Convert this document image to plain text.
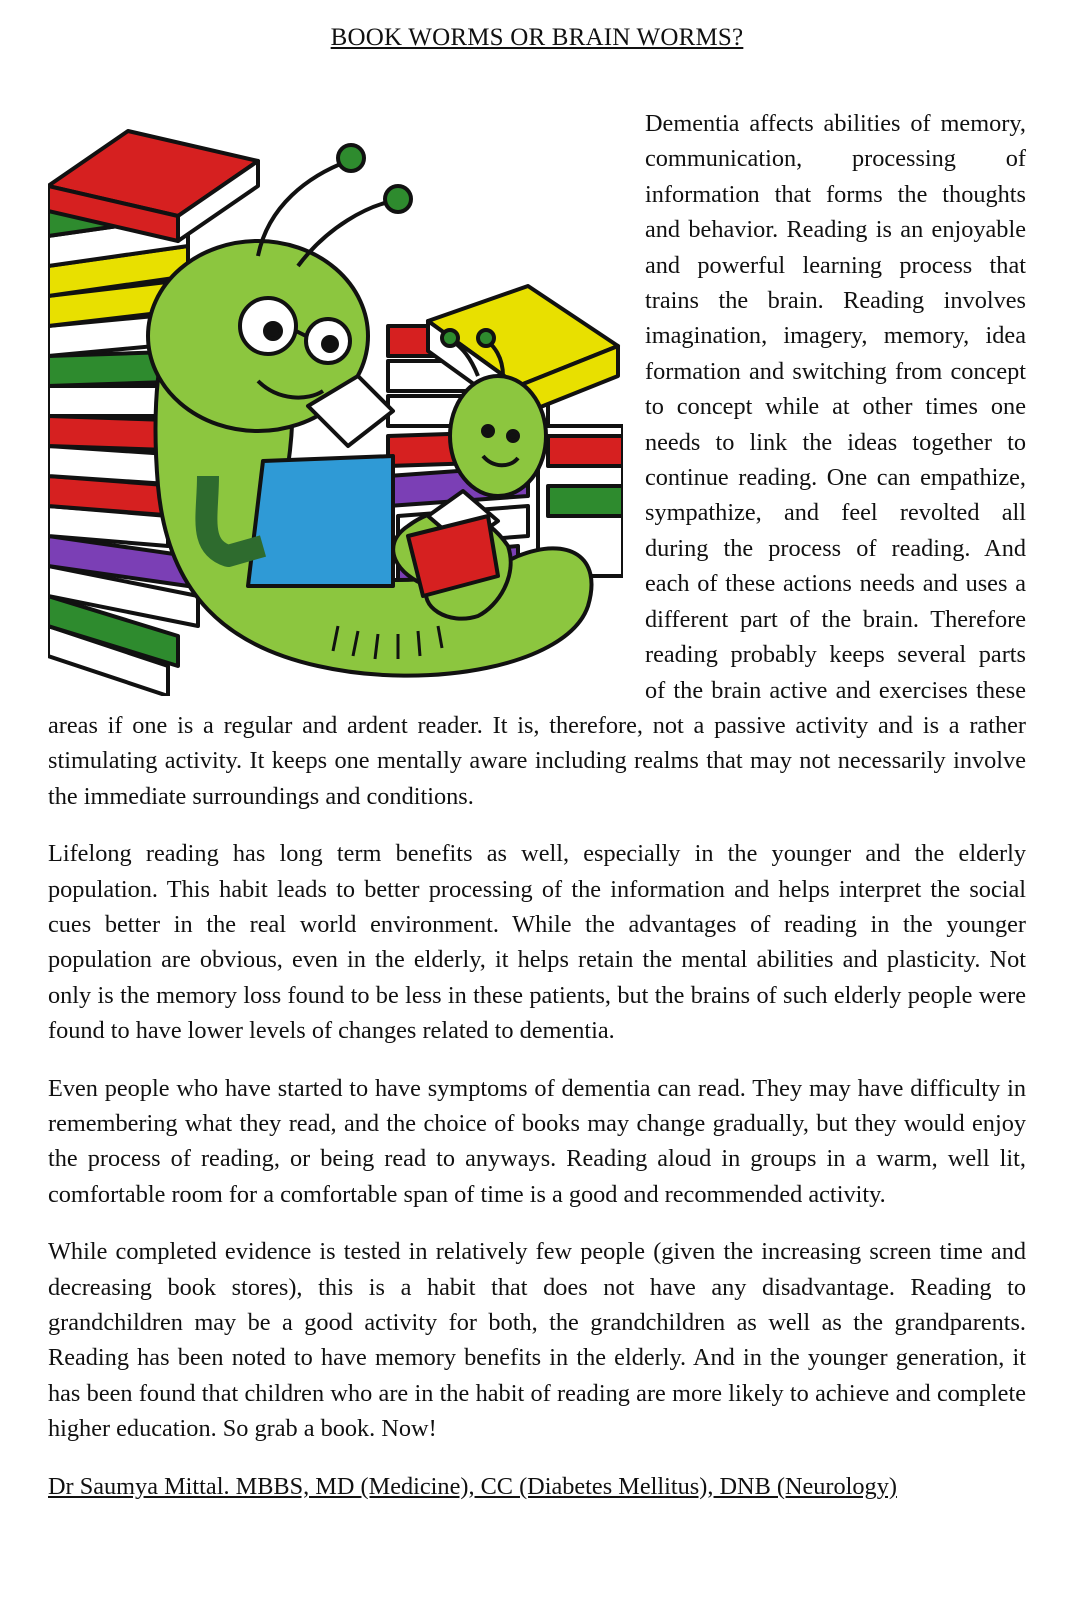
BOOK WORMS OR BRAIN WORMS?

Dementia affects abilities of memory, communication, processing of information that forms the thoughts and behavior. Reading is an enjoyable and powerful learning process that trains the brain. Reading involves imagination, imagery, memory, idea formation and switching from concept to concept while at other times one needs to link the ideas together to continue reading. One can empathize, sympathize, and feel revolted all during the process of reading. And each of these actions needs and uses a different part of the brain. Therefore reading probably keeps several parts of the brain active and exercises these areas if one is a regular and ardent reader. It is, therefore, not a passive activity and is a rather stimulating activity. It keeps one mentally aware including realms that may not necessarily involve the immediate surroundings and conditions.

Lifelong reading has long term benefits as well, especially in the younger and the elderly population. This habit leads to better processing of the information and helps interpret the social cues better in the real world environment. While the advantages of reading in the younger population are obvious, even in the elderly, it helps retain the mental abilities and plasticity. Not only is the memory loss found to be less in these patients, but the brains of such elderly people were found to have lower levels of changes related to dementia.

Even people who have started to have symptoms of dementia can read. They may have difficulty in remembering what they read, and the choice of books may change gradually, but they would enjoy the process of reading, or being read to anyways. Reading aloud in groups in a warm, well lit, comfortable room for a comfortable span of time is a good and recommended activity.

While completed evidence is tested in relatively few people (given the increasing screen time and decreasing book stores), this is a habit that does not have any disadvantage. Reading to grandchildren may be a good activity for both, the grandchildren as well as the grandparents. Reading has been noted to have memory benefits in the elderly. And in the younger generation, it has been found that children who are in the habit of reading are more likely to achieve and complete higher education. So grab a book. Now!

Dr Saumya Mittal. MBBS, MD (Medicine), CC (Diabetes Mellitus), DNB (Neurology)
